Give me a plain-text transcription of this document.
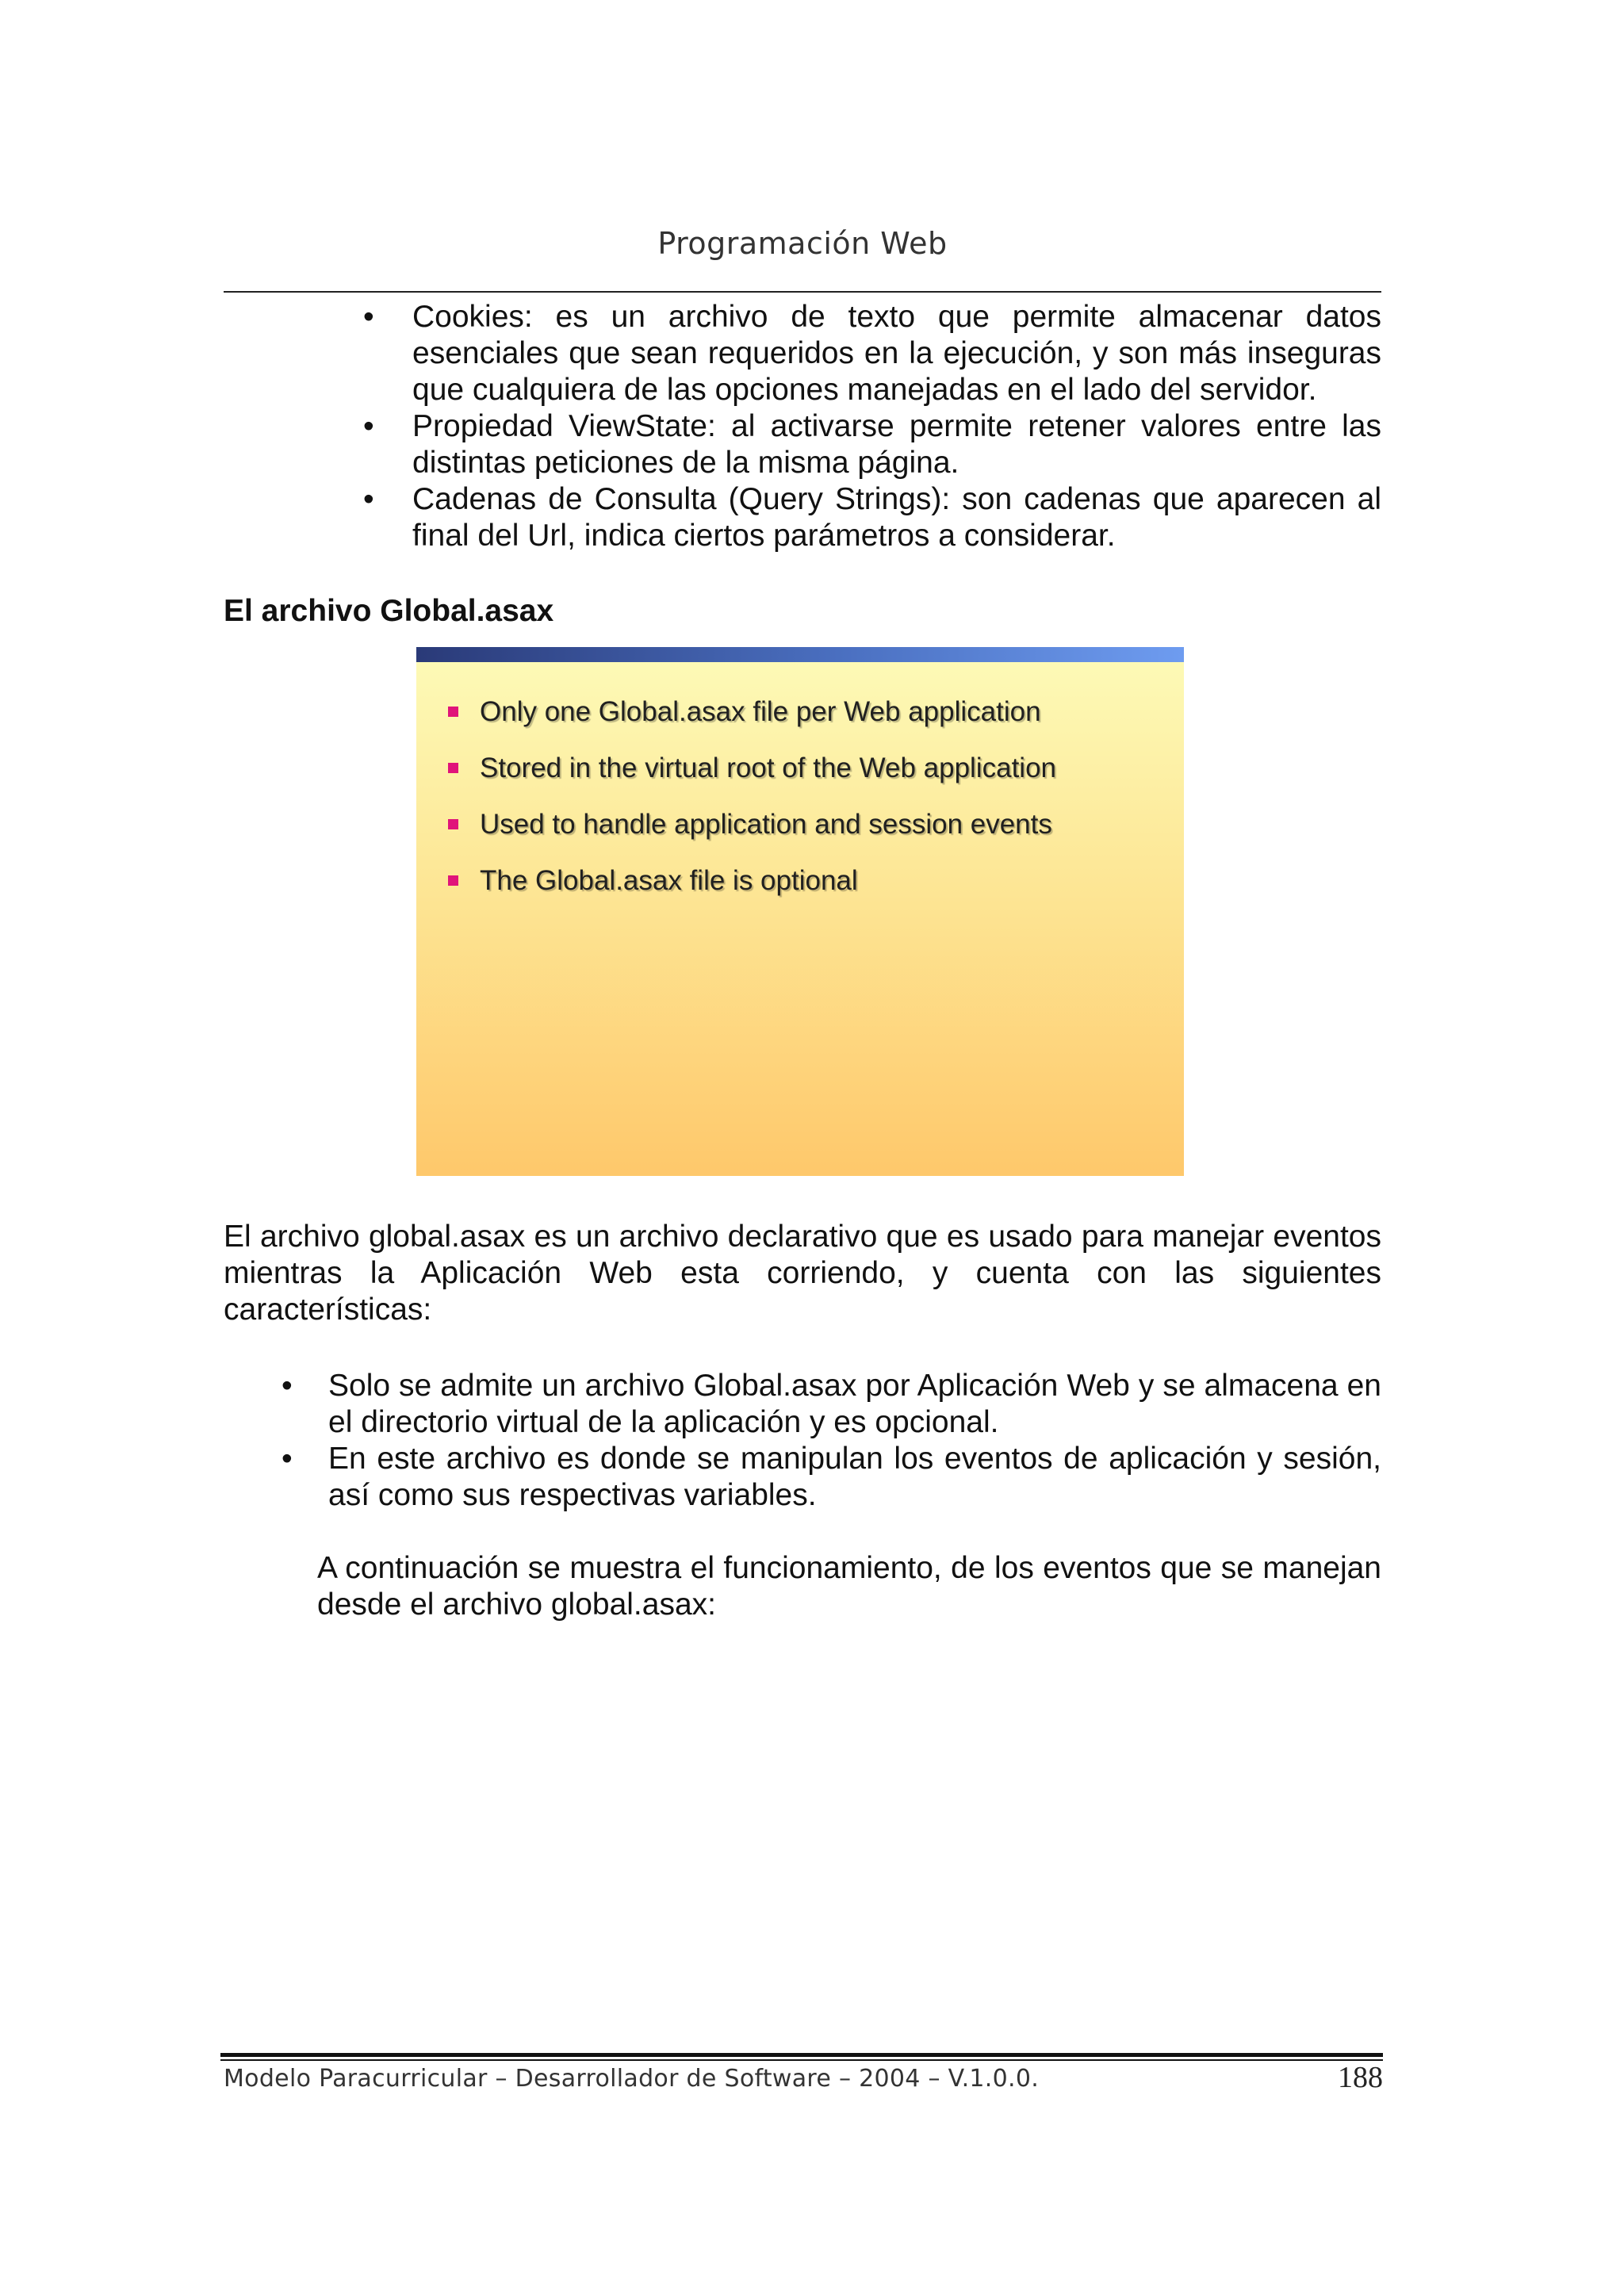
Programación Web
• Cookies: es un archivo de texto que permite almacenar datos esenciales que sean requeridos en la ejecución, y son más inseguras que cualquiera de las opciones manejadas en el lado del servidor.
• Propiedad ViewState: al activarse permite retener valores entre las distintas peticiones de la misma página.
• Cadenas de Consulta (Query Strings): son cadenas que aparecen al final del Url, indica ciertos parámetros a considerar.
El archivo Global.asax
Only one Global.asax file per Web application
Stored in the virtual root of the Web application
Used to handle application and session events
The Global.asax file is optional

El archivo global.asax es un archivo declarativo que es usado para manejar eventos mientras la Aplicación Web esta corriendo, y cuenta con las siguientes características:

• Solo se admite un archivo Global.asax por Aplicación Web y se almacena en el directorio virtual de la aplicación y es opcional.
• En este archivo es donde se manipulan los eventos de aplicación y sesión, así como sus respectivas variables.

A continuación se muestra el funcionamiento, de los eventos que se manejan desde el archivo global.asax:

Modelo Paracurricular – Desarrollador de Software – 2004 – V.1.0.0.	188
